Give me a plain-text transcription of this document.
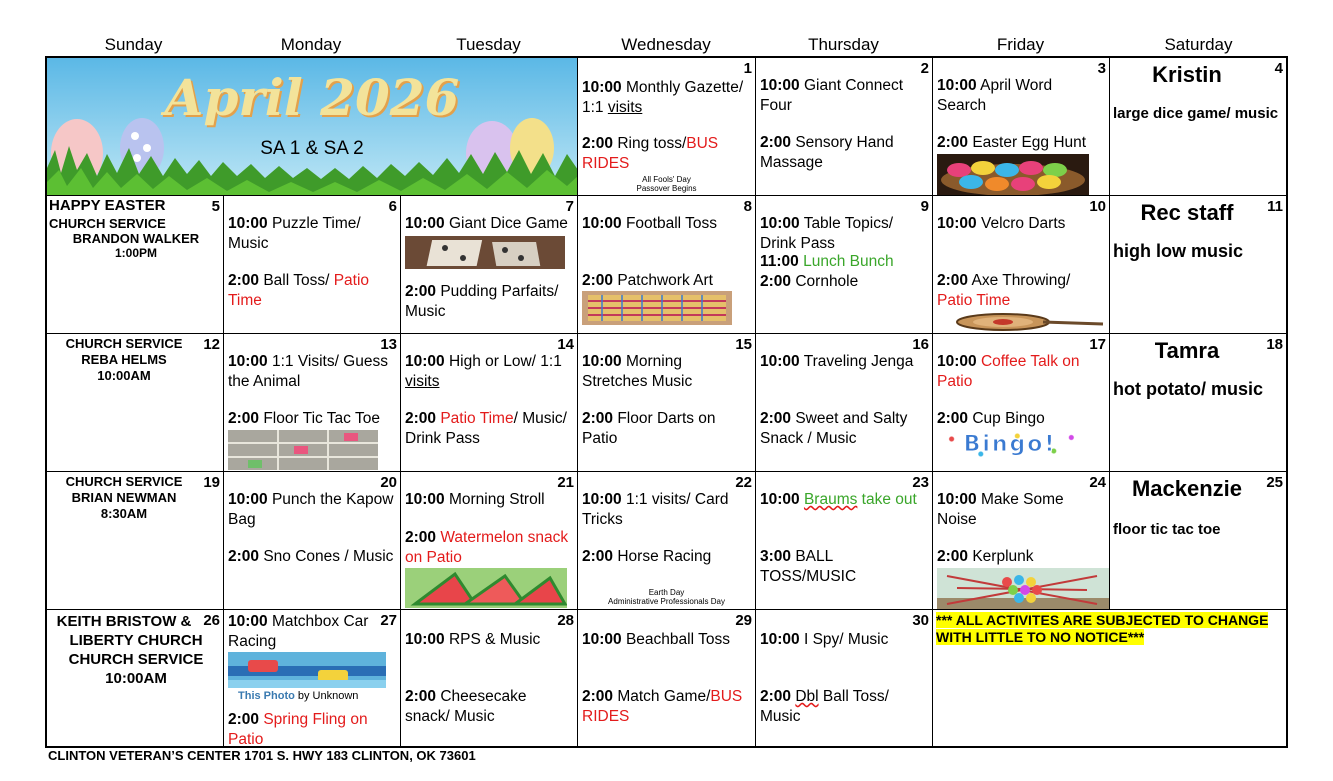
Sunday	Monday	Tuesday	Wednesday	Thursday	Friday	Saturday
April 2026
SA 1 & SA 2
1
10:00 Monthly Gazette/ 1:1 visits
2:00 Ring toss/BUS RIDES
All Fools' Day
Passover Begins
2
10:00 Giant Connect Four
2:00 Sensory Hand Massage
3
10:00 April Word Search
2:00 Easter Egg Hunt
4
Kristin
large dice game/ music
5
HAPPY EASTER
CHURCH SERVICE
BRANDON WALKER
1:00PM
6
10:00 Puzzle Time/ Music
2:00 Ball Toss/ Patio Time
7
10:00 Giant Dice Game
2:00 Pudding Parfaits/ Music
8
10:00 Football Toss
2:00 Patchwork Art
9
10:00 Table Topics/ Drink Pass
11:00 Lunch Bunch
2:00 Cornhole
10
10:00 Velcro Darts
2:00 Axe Throwing/ Patio Time
11
Rec staff
high low music
12
CHURCH SERVICE
REBA HELMS
10:00AM
13
10:00 1:1 Visits/ Guess the Animal
2:00 Floor Tic Tac Toe
14
10:00 High or Low/ 1:1 visits
2:00 Patio Time/ Music/ Drink Pass
15
10:00 Morning Stretches Music
2:00 Floor Darts on Patio
16
10:00 Traveling Jenga
2:00 Sweet and Salty Snack / Music
17
10:00 Coffee Talk on Patio
2:00 Cup Bingo
Bingo!
18
Tamra
hot potato/ music
19
CHURCH SERVICE
BRIAN NEWMAN
8:30AM
20
10:00 Punch the Kapow Bag
2:00 Sno Cones / Music
21
10:00 Morning Stroll
2:00 Watermelon snack on Patio
22
10:00 1:1 visits/ Card Tricks
2:00 Horse Racing
Earth Day
Administrative Professionals Day
23
10:00 Braums take out
3:00 BALL TOSS/MUSIC
24
10:00 Make Some Noise
2:00 Kerplunk
25
Mackenzie
floor tic tac toe
26
KEITH BRISTOW &
LIBERTY CHURCH
CHURCH SERVICE
10:00AM
27
10:00 Matchbox Car Racing
This Photo by Unknown
2:00 Spring Fling on Patio
28
10:00 RPS & Music
2:00 Cheesecake snack/ Music
29
10:00 Beachball Toss
2:00 Match Game/BUS RIDES
30
10:00 I Spy/ Music
2:00 Dbl Ball Toss/ Music
*** ALL ACTIVITES ARE SUBJECTED TO CHANGE WITH LITTLE TO NO NOTICE***
CLINTON VETERAN’S CENTER 1701 S. HWY 183 CLINTON, OK 73601
